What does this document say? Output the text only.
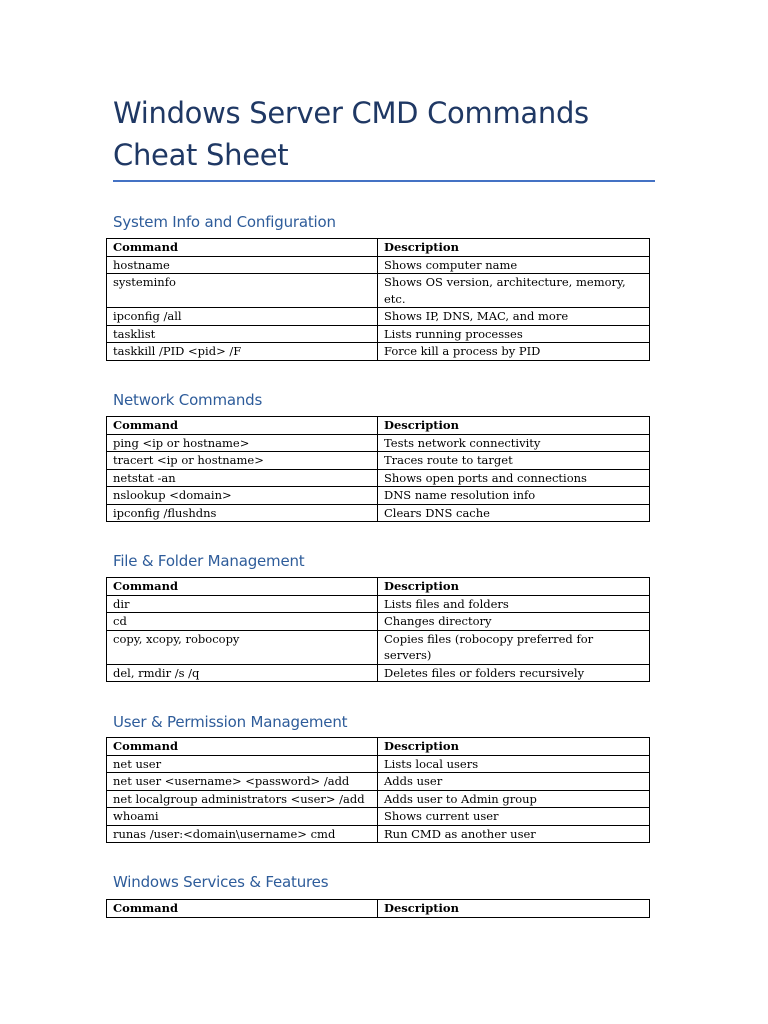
Windows Server CMD Commands Cheat Sheet
System Info and Configuration
Command	Description
hostname	Shows computer name
systeminfo	Shows OS version, architecture, memory, etc.
ipconfig /all	Shows IP, DNS, MAC, and more
tasklist	Lists running processes
taskkill /PID <pid> /F	Force kill a process by PID
Network Commands
Command	Description
ping <ip or hostname>	Tests network connectivity
tracert <ip or hostname>	Traces route to target
netstat -an	Shows open ports and connections
nslookup <domain>	DNS name resolution info
ipconfig /flushdns	Clears DNS cache
File & Folder Management
Command	Description
dir	Lists files and folders
cd	Changes directory
copy, xcopy, robocopy	Copies files (robocopy preferred for servers)
del, rmdir /s /q	Deletes files or folders recursively
User & Permission Management
Command	Description
net user	Lists local users
net user <username> <password> /add	Adds user
net localgroup administrators <user> /add	Adds user to Admin group
whoami	Shows current user
runas /user:<domain\username> cmd	Run CMD as another user
Windows Services & Features
Command	Description
